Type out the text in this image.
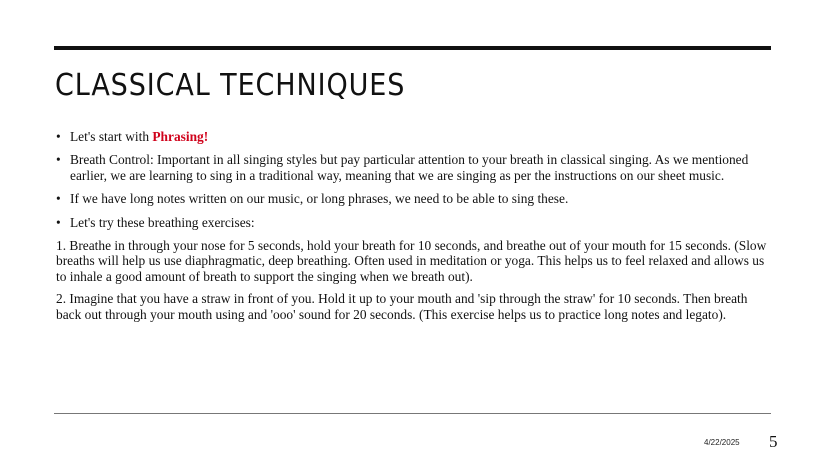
CLASSICAL TECHNIQUES
• Let's start with Phrasing!
• Breath Control: Important in all singing styles but pay particular attention to your breath in classical singing. As we mentioned earlier, we are learning to sing in a traditional way, meaning that we are singing as per the instructions on our sheet music.
• If we have long notes written on our music, or long phrases, we need to be able to sing these.
• Let's try these breathing exercises:

1. Breathe in through your nose for 5 seconds, hold your breath for 10 seconds, and breathe out of your mouth for 15 seconds. (Slow breaths will help us use diaphragmatic, deep breathing. Often used in meditation or yoga. This helps us to feel relaxed and allows us to inhale a good amount of breath to support the singing when we breath out).

2. Imagine that you have a straw in front of you. Hold it up to your mouth and 'sip through the straw' for 10 seconds. Then breath back out through your mouth using and 'ooo' sound for 20 seconds. (This exercise helps us to practice long notes and legato).

4/22/2025 5
